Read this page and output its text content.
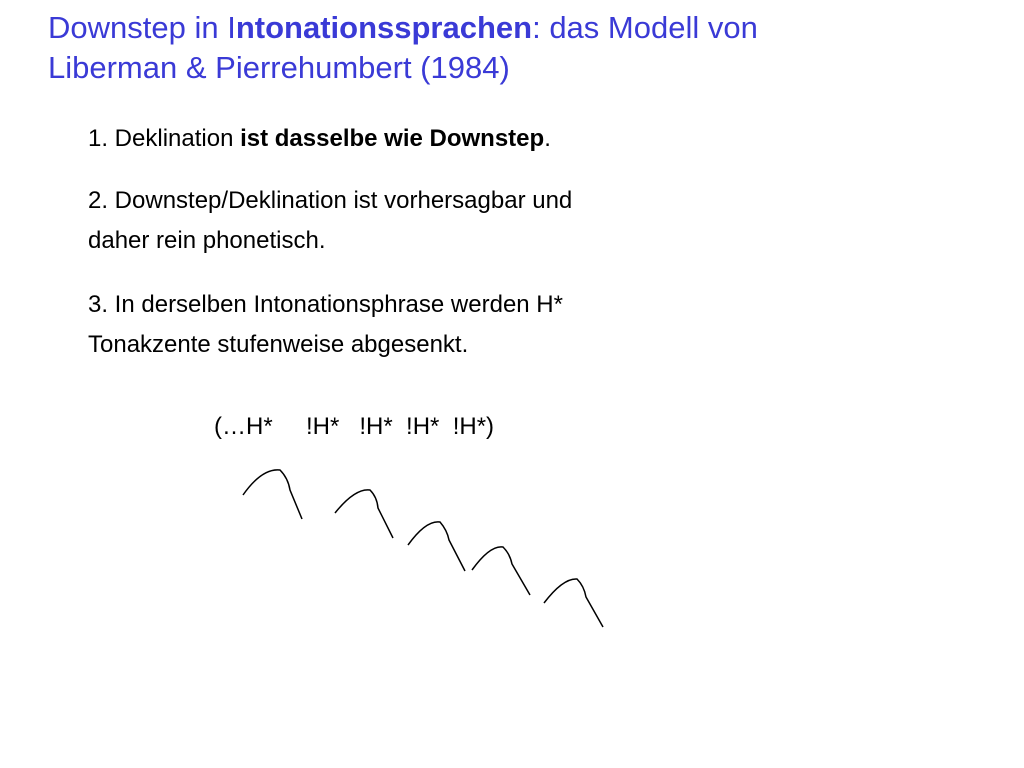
Downstep in Intonationssprachen: das Modell von
Liberman & Pierrehumbert (1984)
1. Deklination ist dasselbe wie Downstep.
2. Downstep/Deklination ist vorhersagbar und
daher rein phonetisch.
3. In derselben Intonationsphrase werden H*
Tonakzente stufenweise abgesenkt.
(…H*     !H*   !H*  !H*  !H*)
